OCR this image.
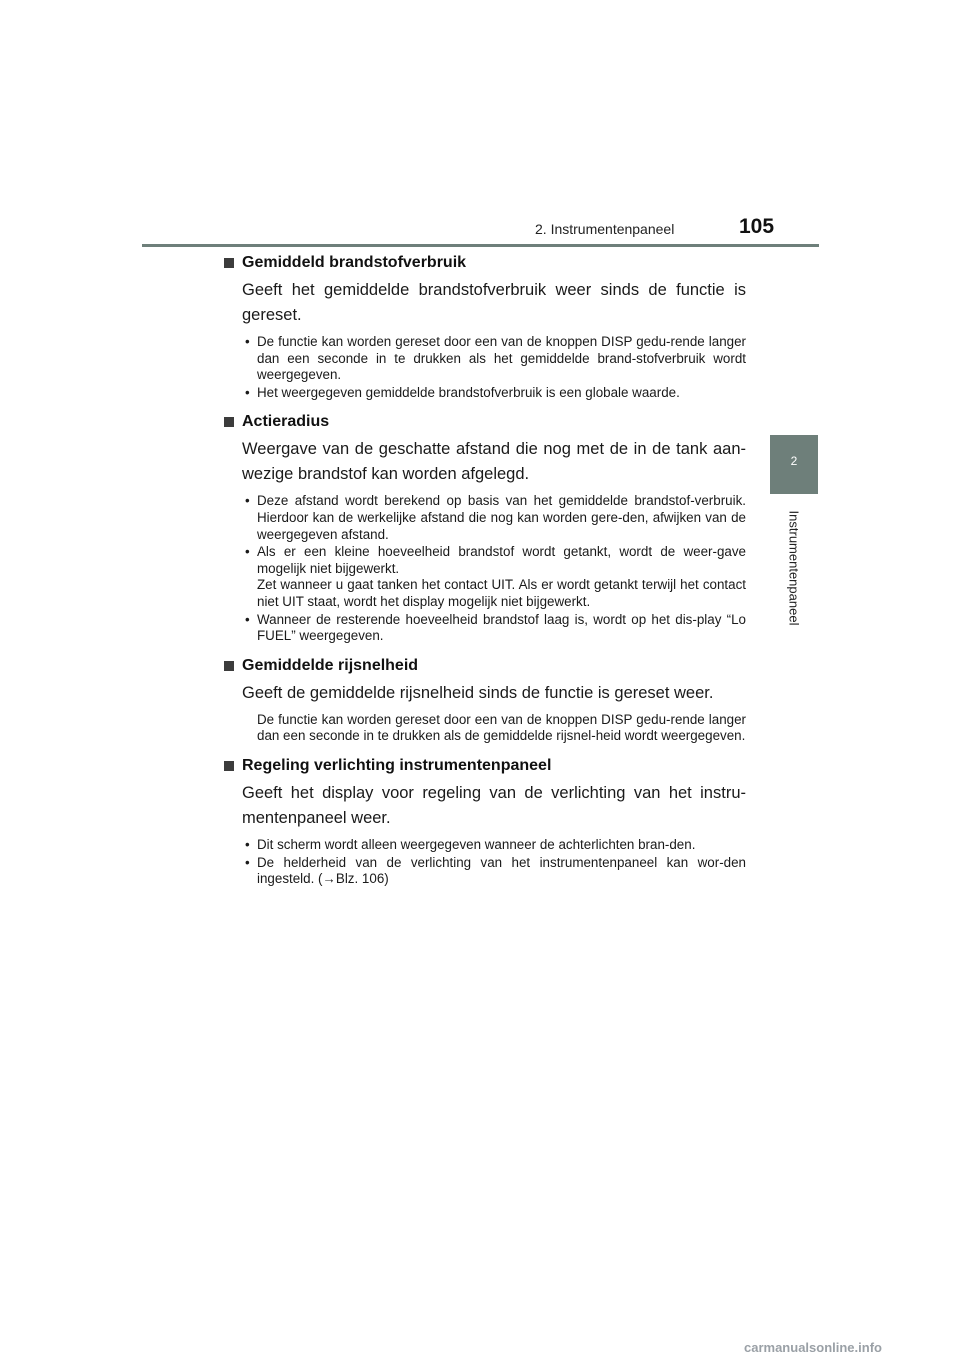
2. Instrumentenpaneel	105
2
Instrumentenpaneel
Gemiddeld brandstofverbruik

Geeft het gemiddelde brandstofverbruik weer sinds de functie is gereset.

• De functie kan worden gereset door een van de knoppen DISP gedu-rende langer dan een seconde in te drukken als het gemiddelde brand-stofverbruik wordt weergegeven.
• Het weergegeven gemiddelde brandstofverbruik is een globale waarde.
Actieradius

Weergave van de geschatte afstand die nog met de in de tank aan-wezige brandstof kan worden afgelegd.

• Deze afstand wordt berekend op basis van het gemiddelde brandstof-verbruik. Hierdoor kan de werkelijke afstand die nog kan worden gere-den, afwijken van de weergegeven afstand.
• Als er een kleine hoeveelheid brandstof wordt getankt, wordt de weer-gave mogelijk niet bijgewerkt.
Zet wanneer u gaat tanken het contact UIT. Als er wordt getankt terwijl het contact niet UIT staat, wordt het display mogelijk niet bijgewerkt.
• Wanneer de resterende hoeveelheid brandstof laag is, wordt op het dis-play “Lo FUEL” weergegeven.
Gemiddelde rijsnelheid

Geeft de gemiddelde rijsnelheid sinds de functie is gereset weer.

De functie kan worden gereset door een van de knoppen DISP gedu-rende langer dan een seconde in te drukken als de gemiddelde rijsnel-heid wordt weergegeven.

Regeling verlichting instrumentenpaneel

Geeft het display voor regeling van de verlichting van het instru-mentenpaneel weer.

• Dit scherm wordt alleen weergegeven wanneer de achterlichten bran-den.
• De helderheid van de verlichting van het instrumentenpaneel kan wor-den ingesteld. (→Blz. 106)
carmanualsonline.info
